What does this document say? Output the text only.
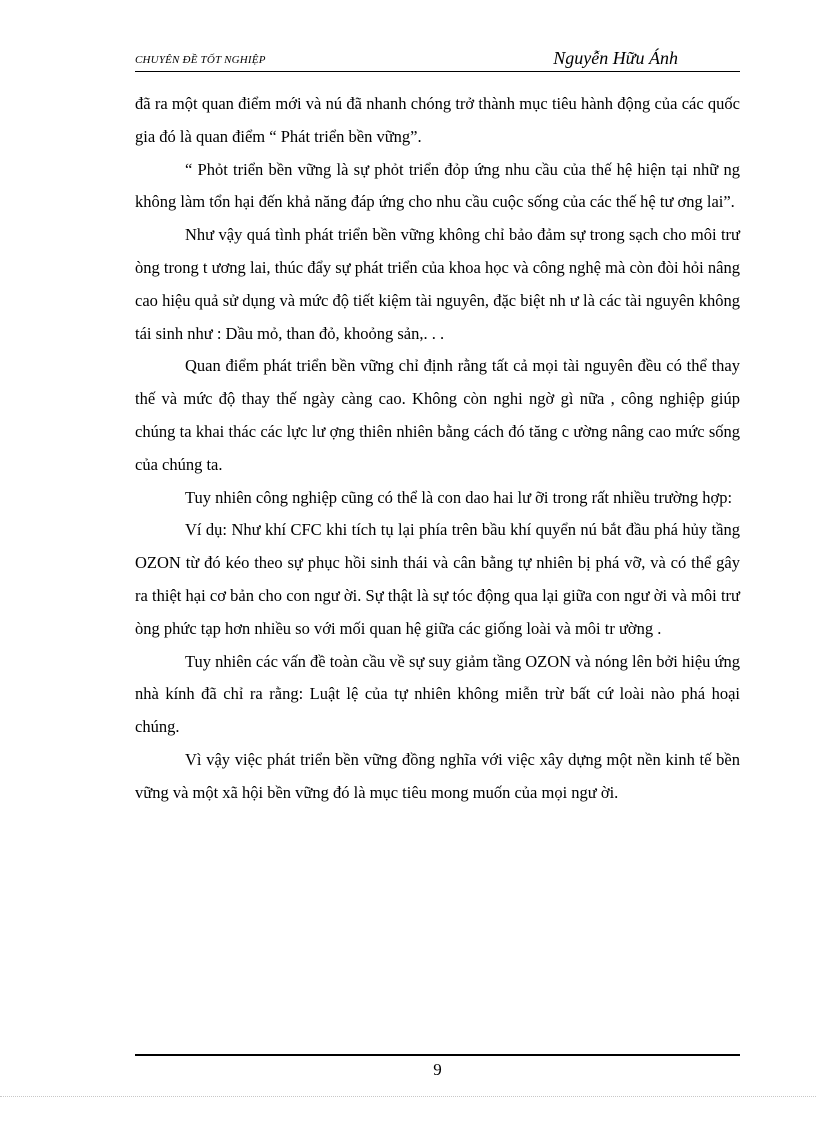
CHUYÊN ĐỀ TỐT NGHIỆP	Nguyễn Hữu Ánh

đã ra một quan điểm mới và nú đã nhanh chóng trở thành mục tiêu hành động của các quốc gia đó là quan điểm “ Phát triển bền vững”.

“ Phỏt triển bền vững là sự phỏt triển đỏp ứng nhu cầu của thế hệ hiện tại nhữ ng không làm tổn hại đến khả năng đáp ứng cho nhu cầu cuộc sống của các thế hệ tư ơng lai”.

Như vậy quá tình phát triển bền vững không chỉ bảo đảm sự trong sạch cho môi trư òng trong t ương lai, thúc đẩy sự phát triển của khoa học và công nghệ mà còn đòi hỏi nâng cao hiệu quả sử dụng và mức độ tiết kiệm tài nguyên, đặc biệt nh ư là các tài nguyên không tái sinh như : Dầu mỏ, than đỏ, khoỏng sản,. . .

Quan điểm phát triển bền vững chỉ định rằng tất cả mọi tài nguyên đều có thể thay thế và mức độ thay thế ngày càng cao. Không còn nghi ngờ gì nữa , công nghiệp giúp chúng ta khai thác các lực lư ợng thiên nhiên bằng cách đó tăng c ường nâng cao mức sống của chúng ta.

Tuy nhiên công nghiệp cũng có thể là con dao hai lư ỡi trong rất nhiều trường hợp:

Ví dụ: Như khí CFC khi tích tụ lại phía trên bầu khí quyển nú bắt đầu phá hủy tầng OZON từ đó kéo theo sự phục hồi sinh thái và cân bằng tự nhiên bị phá vỡ, và có thể gây ra thiệt hại cơ bản cho con ngư ời. Sự thật là sự tóc động qua lại giữa con ngư ời và môi trư òng phức tạp hơn nhiều so với mối quan hệ giữa các giống loài và môi tr ường .

Tuy nhiên các vấn đề toàn cầu về sự suy giảm tầng OZON và nóng lên bởi hiệu ứng nhà kính đã chỉ ra rằng: Luật lệ của tự nhiên không miễn trừ bất cứ loài nào phá hoại chúng.

Vì vậy việc phát triển bền vững đồng nghĩa với việc xây dựng một nền kinh tế bền vững và một xã hội bền vững đó là mục tiêu mong muốn của mọi ngư ời.

9
